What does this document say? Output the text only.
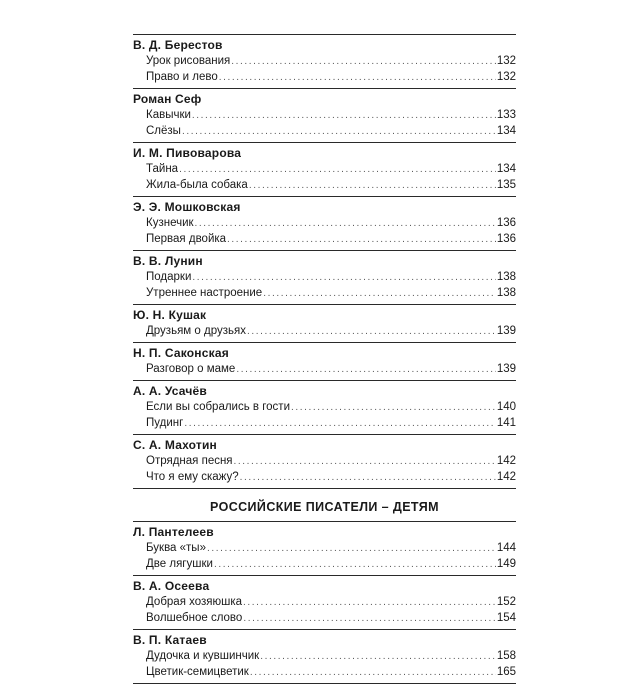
В. Д. Берестов
Урок рисования .....	132
Право и лево .....	132
Роман Сеф
Кавычки .....	133
Слёзы .....	134
И. М. Пивоварова
Тайна .....	134
Жила-была собака .....	135
Э. Э. Мошковская
Кузнечик .....	136
Первая двойка .....	136
В. В. Лунин
Подарки .....	138
Утреннее настроение .....	138
Ю. Н. Кушак
Друзьям о друзьях .....	139
Н. П. Саконская
Разговор о маме .....	139
А. А. Усачёв
Если вы собрались в гости .....	140
Пудинг .....	141
С. А. Махотин
Отрядная песня .....	142
Что я ему скажу? .....	142
РОССИЙСКИЕ ПИСАТЕЛИ – ДЕТЯМ
Л. Пантелеев
Буква «ты» .....	144
Две лягушки .....	149
В. А. Осеева
Добрая хозяюшка .....	152
Волшебное слово .....	154
В. П. Катаев
Дудочка и кувшинчик .....	158
Цветик-семицветик .....	165
